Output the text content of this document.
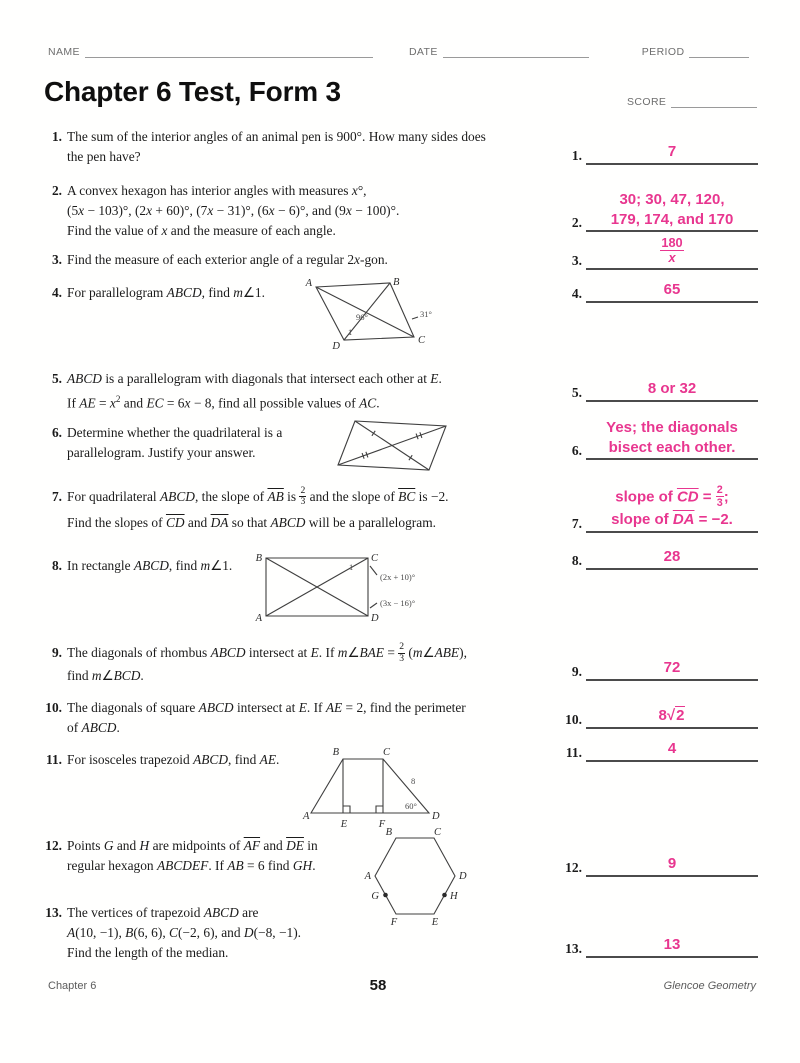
NAME	DATE	PERIOD
Chapter 6 Test, Form 3	SCORE
1. The sum of the interior angles of an animal pen is 900°. How many sides does
the pen have?	1.	7
2. A convex hexagon has interior angles with measures x°,
(5x − 103)°, (2x + 60)°, (7x − 31)°, (6x − 6)°, and (9x − 100)°.
Find the value of x and the measure of each angle.
2.
30; 30, 47, 120,
179, 174, and 170
3. Find the measure of each exterior angle of a regular 2x-gon.	3.	$\frac{180}{x}$
4. For parallelogram ABCD, find m∠1.
A	B
C
D
96°	31°
1
4.	65
5. ABCD is a parallelogram with diagonals that intersect each other at E.
If AE = $x^2$ and EC = 6x − 8, find all possible values of AC.
5.	8 or 32
6. Determine whether the quadrilateral is a
parallelogram. Justify your answer.	6.
Yes; the diagonals
bisect each other.
7. For quadrilateral ABCD, the slope of $\overline{AB}$ is $\frac{2}{3}$ and the slope of $\overline{BC}$ is −2.
Find the slopes of $\overline{CD}$ and $\overline{DA}$ so that ABCD will be a parallelogram.	7.
slope of $\overline{CD} = \frac{2}{3}$ ;
slope of $\overline{DA} = -2$.
8. In rectangle ABCD, find m∠1.	B	C
A	D
1
(2x + 10)°
(3x − 16)°
8.	28
9. The diagonals of rhombus ABCD intersect at E. If m∠BAE = $\frac{2}{3}$ (m∠ABE),
find m∠BCD.	9.	72
10. The diagonals of square ABCD intersect at E. If AE = 2, find the perimeter
of ABCD.
10.	8√2
11. For isosceles trapezoid ABCD, find AE.	B	C
A	D
E	F
8
60°
11.	4
12. Points G and H are midpoints of $\overline{AF}$ and $\overline{DE}$ in
regular hexagon ABCDEF. If AB = 6 find GH.
B	C
A	D
G	H
F	E
12.	9
13. The vertices of trapezoid ABCD are
A(10, −1), B(6, 6), C(−2, 6), and D(−8, −1).
Find the length of the median.	13.	13
Chapter 6	58	Glencoe Geometry
